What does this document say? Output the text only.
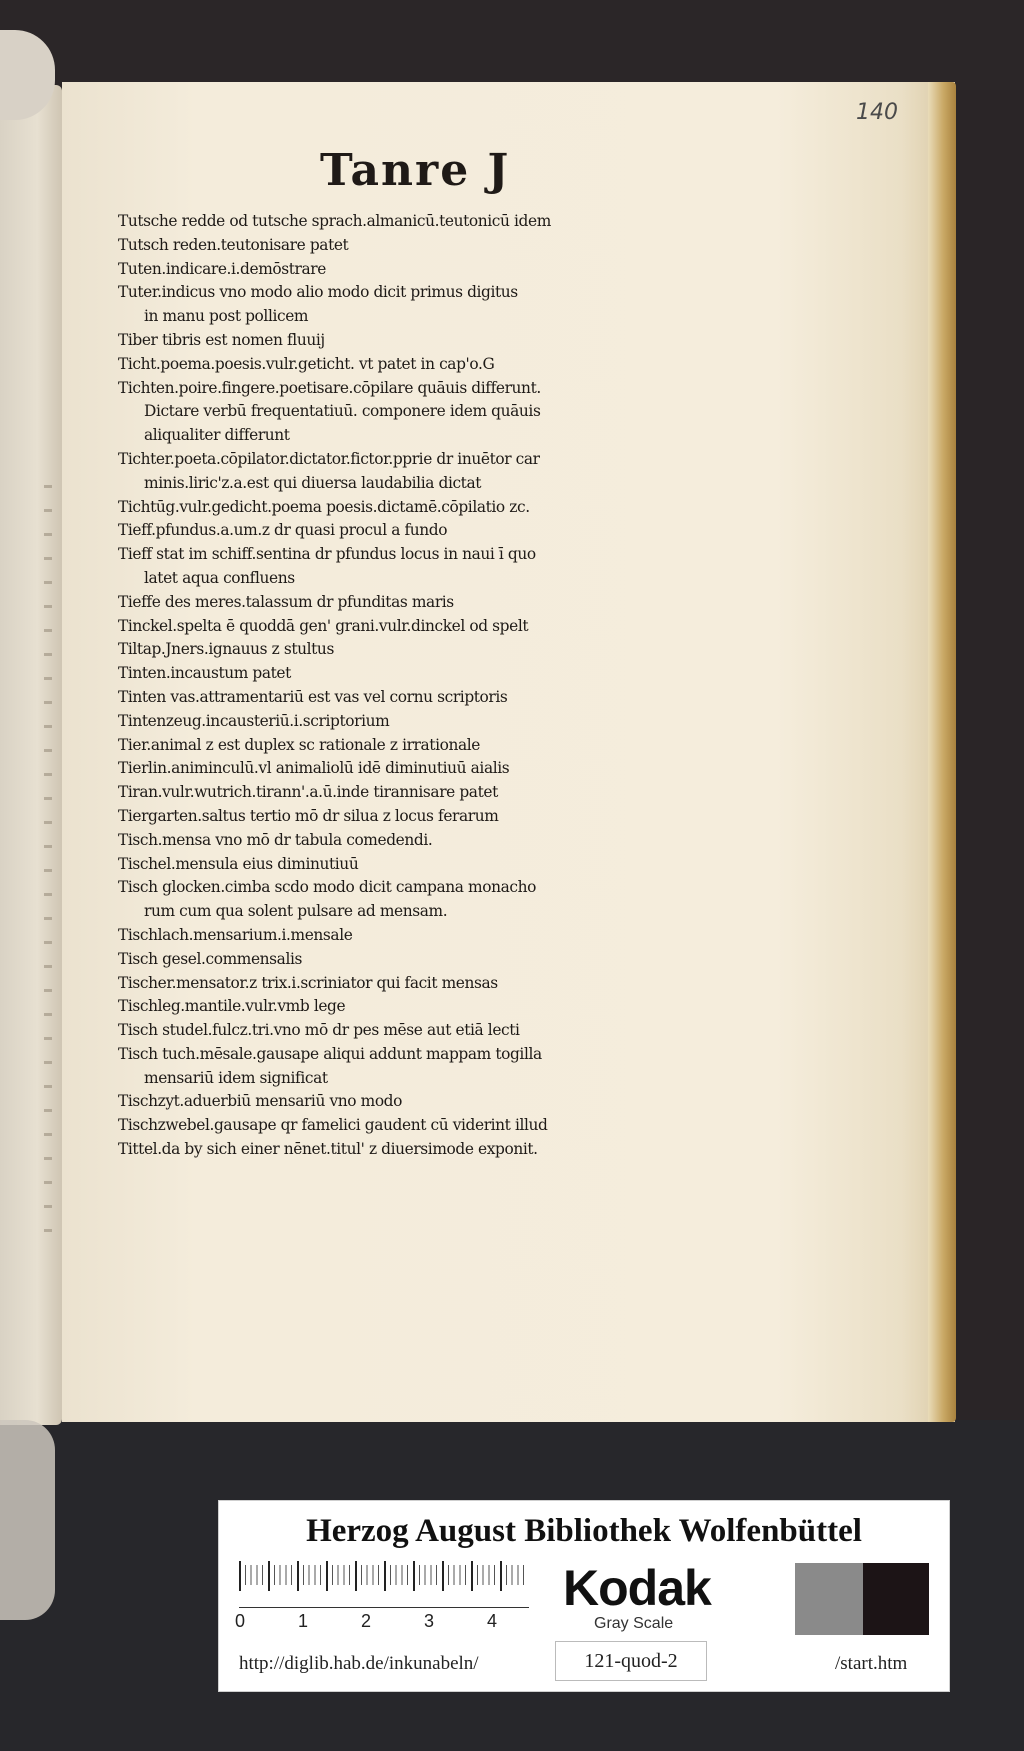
140
Tanre J
Tutsche redde od tutsche sprach.almanicū.teutonicū idem
Tutsch reden.teutonisare patet
Tuten.indicare.i.demōstrare
Tuter.indicus vno modo alio modo dicit primus digitus
in manu post pollicem
Tiber tibris est nomen fluuij
Ticht.poema.poesis.vulr.geticht. vt patet in cap'o.G
Tichten.poire.fingere.poetisare.cōpilare quāuis differunt.
Dictare verbū frequentatiuū. componere idem quāuis
aliqualiter differunt
Tichter.poeta.cōpilator.dictator.fictor.pprie dr inuētor car
minis.liric'z.a.est qui diuersa laudabilia dictat
Tichtūg.vulr.gedicht.poema poesis.dictamē.cōpilatio zc.
Tieff.pfundus.a.um.z dr quasi procul a fundo
Tieff stat im schiff.sentina dr pfundus locus in naui ī quo
latet aqua confluens
Tieffe des meres.talassum dr pfunditas maris
Tinckel.spelta ē quoddā gen' grani.vulr.dinckel od spelt
Tiltap.Jners.ignauus z stultus
Tinten.incaustum patet
Tinten vas.attramentariū est vas vel cornu scriptoris
Tintenzeug.incausteriū.i.scriptorium
Tier.animal z est duplex sc rationale z irrationale
Tierlin.animinculū.vl animaliolū idē diminutiuū aialis
Tiran.vulr.wutrich.tirann'.a.ū.inde tirannisare patet
Tiergarten.saltus tertio mō dr silua z locus ferarum
Tisch.mensa vno mō dr tabula comedendi.
Tischel.mensula eius diminutiuū
Tisch glocken.cimba scdo modo dicit campana monacho
rum cum qua solent pulsare ad mensam.
Tischlach.mensarium.i.mensale
Tisch gesel.commensalis
Tischer.mensator.z trix.i.scriniator qui facit mensas
Tischleg.mantile.vulr.vmb lege
Tisch studel.fulcz.tri.vno mō dr pes mēse aut etiā lecti
Tisch tuch.mēsale.gausape aliqui addunt mappam togilla
mensariū idem significat
Tischzyt.aduerbiū mensariū vno modo
Tischzwebel.gausape qr famelici gaudent cū viderint illud
Tittel.da by sich einer nēnet.titul' z diuersimode exponit.
Herzog August Bibliothek Wolfenbüttel
0	1	2	3	4
Kodak
Gray Scale
http://diglib.hab.de/inkunabeln/	121-quod-2	/start.htm
